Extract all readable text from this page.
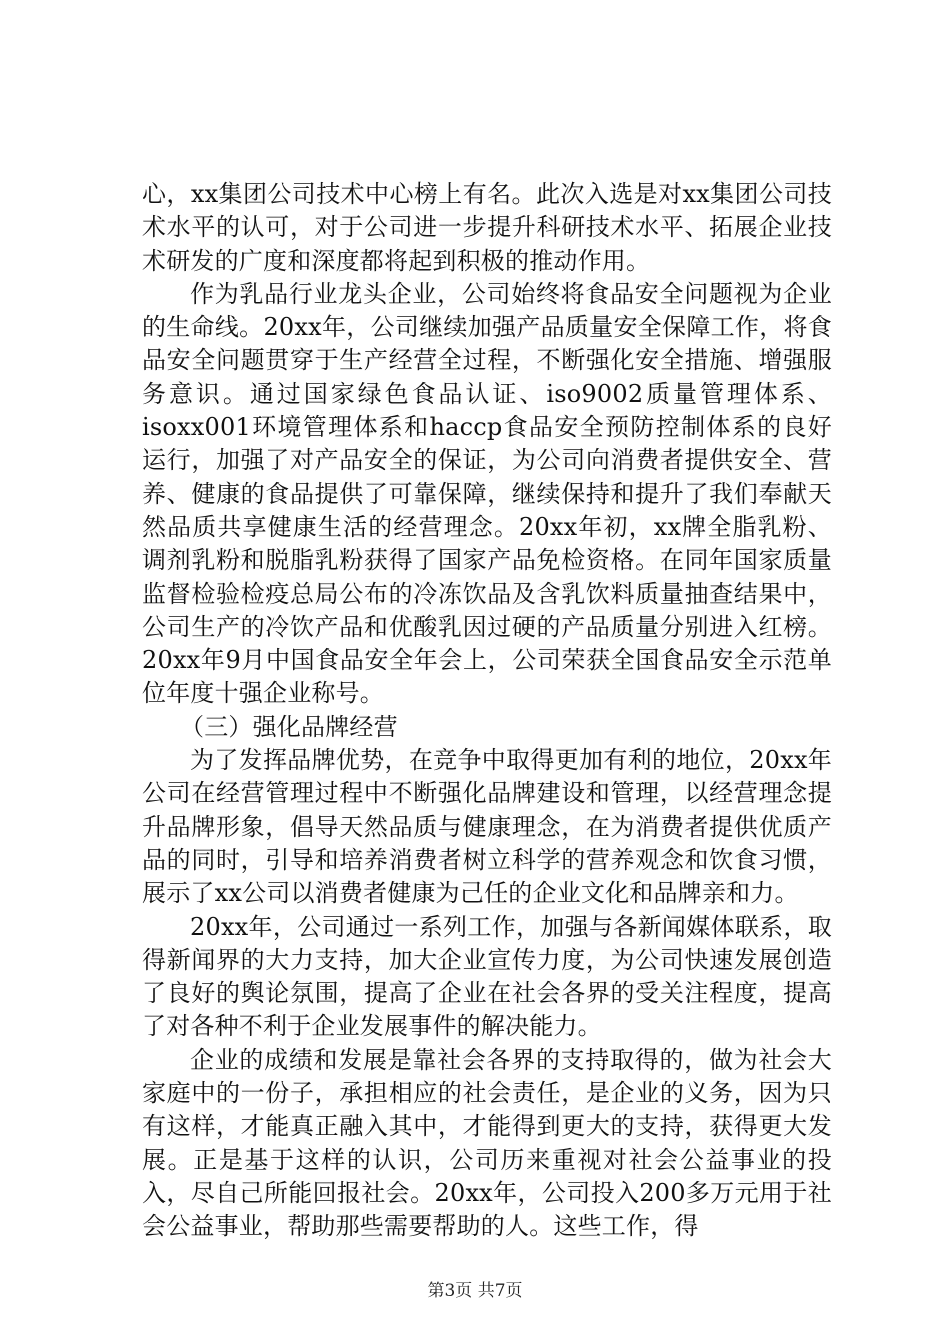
心，xx集团公司技术中心榜上有名。此次入选是对xx集团公司技术水平的认可，对于公司进一步提升科研技术水平、拓展企业技术研发的广度和深度都将起到积极的推动作用。

作为乳品行业龙头企业，公司始终将食品安全问题视为企业的生命线。20xx年，公司继续加强产品质量安全保障工作，将食品安全问题贯穿于生产经营全过程，不断强化安全措施、增强服务意识。通过国家绿色食品认证、iso9002质量管理体系、isoxx001环境管理体系和haccp食品安全预防控制体系的良好运行，加强了对产品安全的保证，为公司向消费者提供安全、营养、健康的食品提供了可靠保障，继续保持和提升了我们奉献天然品质共享健康生活的经营理念。20xx年初，xx牌全脂乳粉、调剂乳粉和脱脂乳粉获得了国家产品免检资格。在同年国家质量监督检验检疫总局公布的冷冻饮品及含乳饮料质量抽查结果中，公司生产的冷饮产品和优酸乳因过硬的产品质量分别进入红榜。20xx年9月中国食品安全年会上，公司荣获全国食品安全示范单位年度十强企业称号。

（三）强化品牌经营

为了发挥品牌优势，在竞争中取得更加有利的地位，20xx年公司在经营管理过程中不断强化品牌建设和管理，以经营理念提升品牌形象，倡导天然品质与健康理念，在为消费者提供优质产品的同时，引导和培养消费者树立科学的营养观念和饮食习惯，展示了xx公司以消费者健康为己任的企业文化和品牌亲和力。

20xx年，公司通过一系列工作，加强与各新闻媒体联系，取得新闻界的大力支持，加大企业宣传力度，为公司快速发展创造了良好的舆论氛围，提高了企业在社会各界的受关注程度，提高了对各种不利于企业发展事件的解决能力。

企业的成绩和发展是靠社会各界的支持取得的，做为社会大家庭中的一份子，承担相应的社会责任，是企业的义务，因为只有这样，才能真正融入其中，才能得到更大的支持，获得更大发展。正是基于这样的认识，公司历来重视对社会公益事业的投入，尽自己所能回报社会。20xx年，公司投入200多万元用于社会公益事业，帮助那些需要帮助的人。这些工作，得

第3页 共7页
